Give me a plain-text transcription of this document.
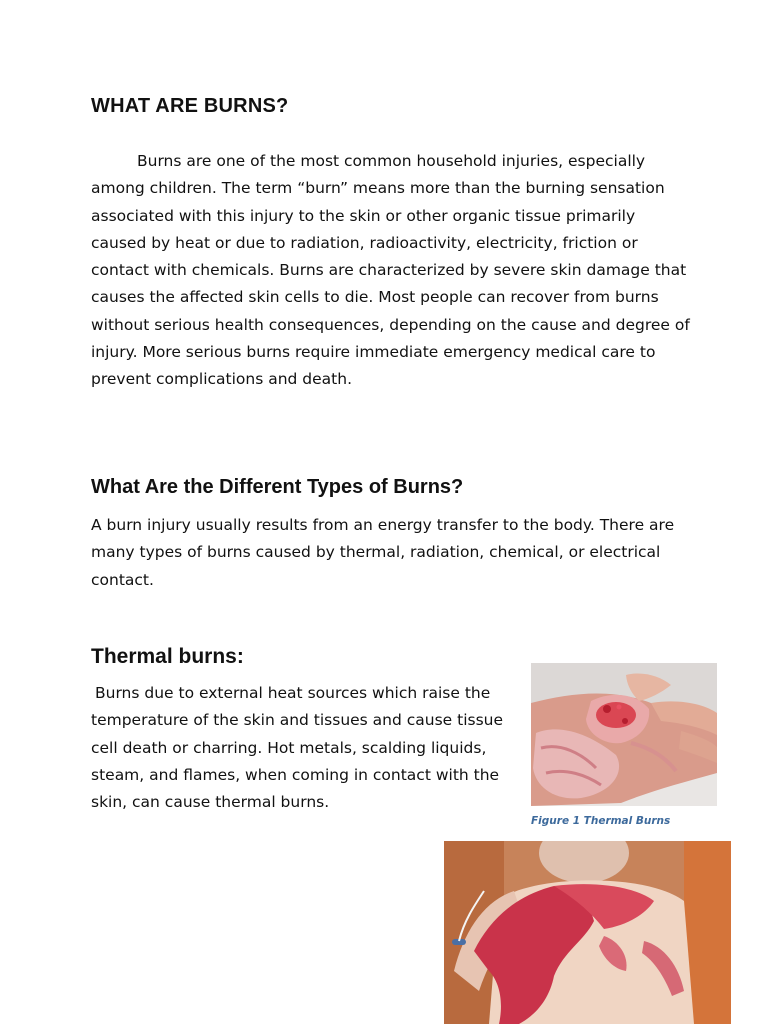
WHAT ARE BURNS?

Burns are one of the most common household injuries, especially among children. The term “burn” means more than the burning sensation associated with this injury to the skin or other organic tissue primarily caused by heat or due to radiation, radioactivity, electricity, friction or contact with chemicals. Burns are characterized by severe skin damage that causes the affected skin cells to die. Most people can recover from burns without serious health consequences, depending on the cause and degree of injury. More serious burns require immediate emergency medical care to prevent complications and death.

What Are the Different Types of Burns?

A burn injury usually results from an energy transfer to the body. There are many types of burns caused by thermal, radiation, chemical, or electrical contact.

Thermal burns:

Burns due to external heat sources which raise the temperature of the skin and tissues and cause tissue cell death or charring. Hot metals, scalding liquids, steam, and flames, when coming in contact with the skin, can cause thermal burns.

Figure 1 Thermal Burns
